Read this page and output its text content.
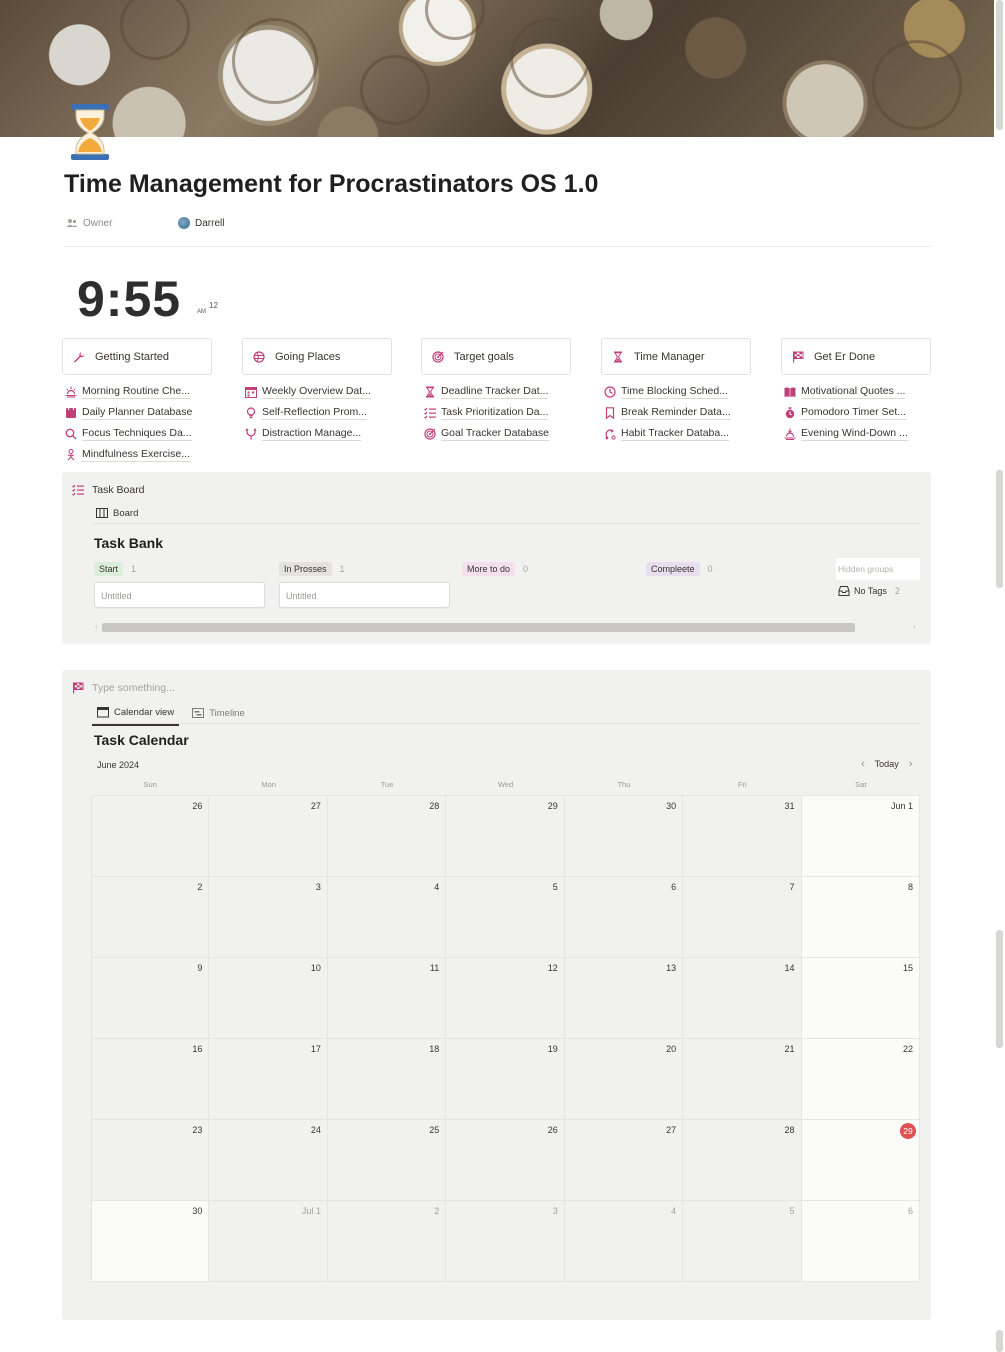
Time Management for Procrastinators OS 1.0
Owner	Darrell
9:55	AM
12
Getting Started
Morning Routine Che...
Daily Planner Database
Focus Techniques Da...
Mindfulness Exercise...
Going Places
Weekly Overview Dat...
Self-Reflection Prom...
Distraction Manage...
Target goals
Deadline Tracker Dat...
Task Prioritization Da...
Goal Tracker Database
Time Manager
Time Blocking Sched...
Break Reminder Data...
Habit Tracker Databa...
Get Er Done
Motivational Quotes ...
Pomodoro Timer Set...
Evening Wind-Down ...
Task Board
Board
Task Bank
Start	1
Untitled
In Prosses	1
Untitled
More to do	0	Compleete	0	Hidden groups
No Tags 2
‹	›
Type something...
Calendar view	Timeline
Task Calendar
June 2024	‹ Today ›
Sun	Mon	Tue	Wed	Thu	Fri	Sat
26	27	28	29	30	31	Jun 1
2	3	4	5	6	7	8
9	10	11	12	13	14	15
16	17	18	19	20	21	22
23	24	25	26	27	28	29
30	Jul 1	2	3	4	5	6
